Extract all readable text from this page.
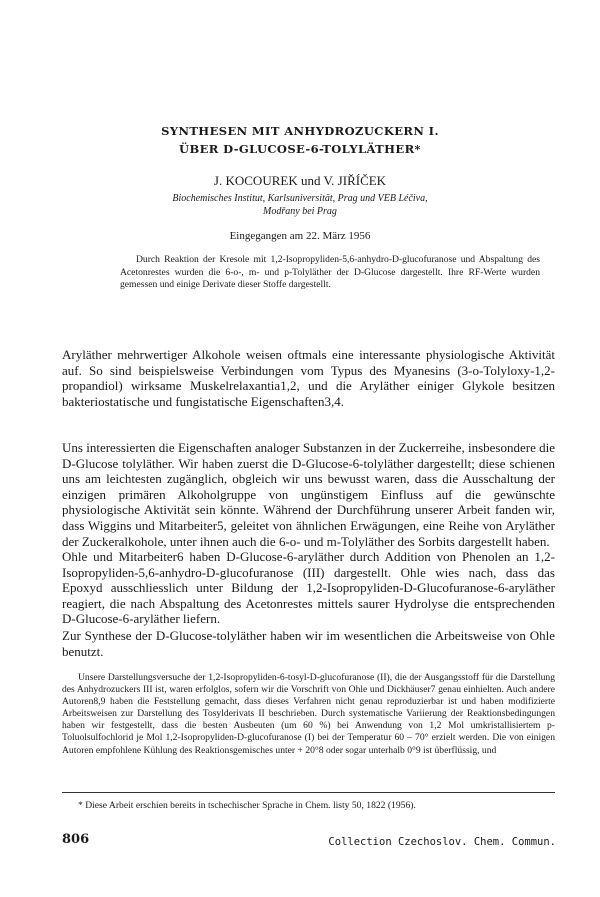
SYNTHESEN MIT ANHYDROZUCKERN I.
ÜBER D-GLUCOSE-6-TOLYLÄTHER*
J. KOCOUREK und V. JIŘÍČEK
Biochemisches Institut, Karlsuniversität, Prag und VEB Léčiva,
Modřany bei Prag
Eingegangen am 22. März 1956

Durch Reaktion der Kresole mit 1,2-Isopropyliden-5,6-anhydro-D-glucofuranose und Abspaltung des Acetonrestes wurden die 6-o-, m- und p-Tolyläther der D-Glucose dargestellt. Ihre RF-Werte wurden gemessen und einige Derivate dieser Stoffe dargestellt.

Aryläther mehrwertiger Alkohole weisen oftmals eine interessante physiologische Aktivität auf. So sind beispielsweise Verbindungen vom Typus des Myanesins (3-o-Tolyloxy-1,2-propandiol) wirksame Muskelrelaxantia1,2, und die Aryläther einiger Glykole besitzen bakteriostatische und fungistatische Eigenschaften3,4.

Uns interessierten die Eigenschaften analoger Substanzen in der Zuckerreihe, insbesondere die D-Glucose tolyläther. Wir haben zuerst die D-Glucose-6-tolyläther dargestellt; diese schienen uns am leichtesten zugänglich, obgleich wir uns bewusst waren, dass die Ausschaltung der einzigen primären Alkoholgruppe von ungünstigem Einfluss auf die gewünschte physiologische Aktivität sein könnte. Während der Durchführung unserer Arbeit fanden wir, dass Wiggins und Mitarbeiter5, geleitet von ähnlichen Erwägungen, eine Reihe von Aryläther der Zuckeralkohole, unter ihnen auch die 6-o- und m-Tolyläther des Sorbits dargestellt haben.

Ohle und Mitarbeiter6 haben D-Glucose-6-aryläther durch Addition von Phenolen an 1,2-Isopropyliden-5,6-anhydro-D-glucofuranose (III) dargestellt. Ohle wies nach, dass das Epoxyd ausschliesslich unter Bildung der 1,2-Isopropyliden-D-Glucofuranose-6-aryläther reagiert, die nach Abspaltung des Acetonrestes mittels saurer Hydrolyse die entsprechenden D-Glucose-6-aryläther liefern.

Zur Synthese der D-Glucose-tolyläther haben wir im wesentlichen die Arbeitsweise von Ohle benutzt.

Unsere Darstellungsversuche der 1,2-Isopropyliden-6-tosyl-D-glucofuranose (II), die der Ausgangsstoff für die Darstellung des Anhydrozuckers III ist, waren erfolglos, sofern wir die Vorschrift von Ohle und Dickhäuser7 genau einhielten. Auch andere Autoren8,9 haben die Feststellung gemacht, dass dieses Verfahren nicht genau reproduzierbar ist und haben modifizierte Arbeitsweisen zur Darstellung des Tosylderivats II beschrieben. Durch systematische Variierung der Reaktionsbedingungen haben wir festgestellt, dass die besten Ausbeuten (um 60 %) bei Anwendung von 1,2 Mol umkristallisiertem p-Toluolsulfochlorid je Mol 1,2-Isopropyliden-D-glucofuranose (I) bei der Temperatur 60 – 70° erzielt werden. Die von einigen Autoren empfohlene Kühlung des Reaktionsgemisches unter + 20°8 oder sogar unterhalb 0°9 ist überflüssig, und

* Diese Arbeit erschien bereits in tschechischer Sprache in Chem. listy 50, 1822 (1956).

806	Collection Czechoslov. Chem. Commun.
